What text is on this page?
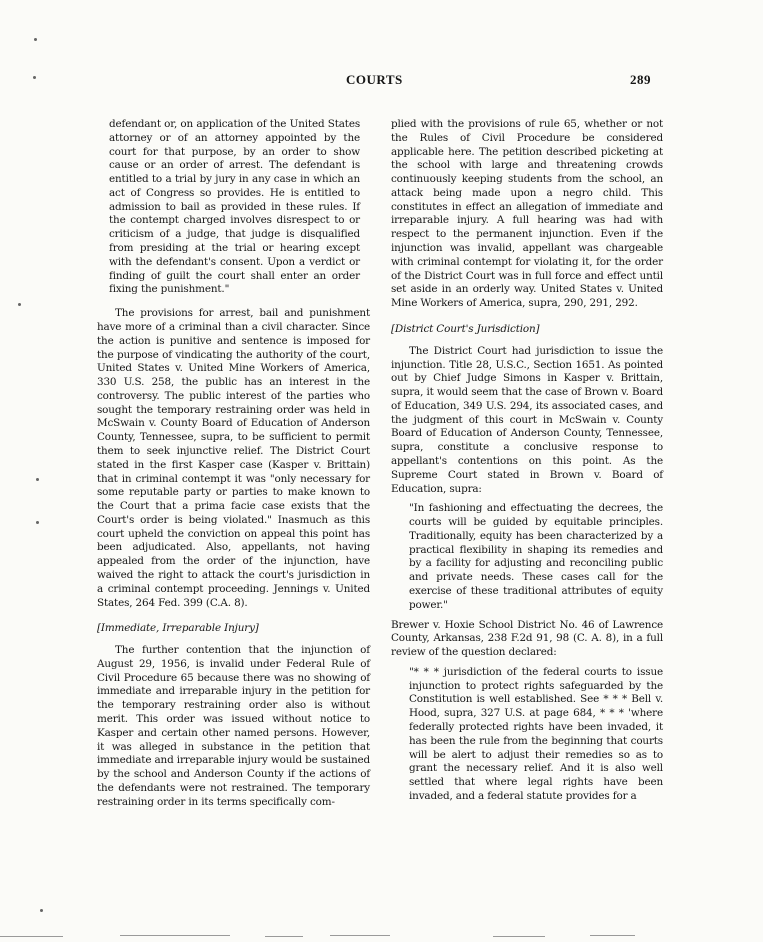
COURTS	289

defendant or, on application of the United States attorney or of an attorney appointed by the court for that purpose, by an order to show cause or an order of arrest. The defendant is entitled to a trial by jury in any case in which an act of Congress so provides. He is entitled to admission to bail as provided in these rules. If the contempt charged involves disrespect to or criticism of a judge, that judge is disqualified from presiding at the trial or hearing except with the defendant's consent. Upon a verdict or finding of guilt the court shall enter an order fixing the punishment."

The provisions for arrest, bail and punishment have more of a criminal than a civil character. Since the action is punitive and sentence is imposed for the purpose of vindicating the authority of the court, United States v. United Mine Workers of America, 330 U.S. 258, the public has an interest in the controversy. The public interest of the parties who sought the temporary restraining order was held in McSwain v. County Board of Education of Anderson County, Tennessee, supra, to be sufficient to permit them to seek injunctive relief. The District Court stated in the first Kasper case (Kasper v. Brittain) that in criminal contempt it was "only necessary for some reputable party or parties to make known to the Court that a prima facie case exists that the Court's order is being violated." Inasmuch as this court upheld the conviction on appeal this point has been adjudicated. Also, appellants, not having appealed from the order of the injunction, have waived the right to attack the court's jurisdiction in a criminal contempt proceeding. Jennings v. United States, 264 Fed. 399 (C.A. 8).

[Immediate, Irreparable Injury]

The further contention that the injunction of August 29, 1956, is invalid under Federal Rule of Civil Procedure 65 because there was no showing of immediate and irreparable injury in the petition for the temporary restraining order also is without merit. This order was issued without notice to Kasper and certain other named persons. However, it was alleged in substance in the petition that immediate and irreparable injury would be sustained by the school and Anderson County if the actions of the defendants were not restrained. The temporary restraining order in its terms specifically com-

plied with the provisions of rule 65, whether or not the Rules of Civil Procedure be considered applicable here. The petition described picketing at the school with large and threatening crowds continuously keeping students from the school, an attack being made upon a negro child. This constitutes in effect an allegation of immediate and irreparable injury. A full hearing was had with respect to the permanent injunction. Even if the injunction was invalid, appellant was chargeable with criminal contempt for violating it, for the order of the District Court was in full force and effect until set aside in an orderly way. United States v. United Mine Workers of America, supra, 290, 291, 292.

[District Court's Jurisdiction]

The District Court had jurisdiction to issue the injunction. Title 28, U.S.C., Section 1651. As pointed out by Chief Judge Simons in Kasper v. Brittain, supra, it would seem that the case of Brown v. Board of Education, 349 U.S. 294, its associated cases, and the judgment of this court in McSwain v. County Board of Education of Anderson County, Tennessee, supra, constitute a conclusive response to appellant's contentions on this point. As the Supreme Court stated in Brown v. Board of Education, supra:

"In fashioning and effectuating the decrees, the courts will be guided by equitable principles. Traditionally, equity has been characterized by a practical flexibility in shaping its remedies and by a facility for adjusting and reconciling public and private needs. These cases call for the exercise of these traditional attributes of equity power."

Brewer v. Hoxie School District No. 46 of Lawrence County, Arkansas, 238 F.2d 91, 98 (C. A. 8), in a full review of the question declared:

"* * * jurisdiction of the federal courts to issue injunction to protect rights safeguarded by the Constitution is well established. See * * * Bell v. Hood, supra, 327 U.S. at page 684, * * * 'where federally protected rights have been invaded, it has been the rule from the beginning that courts will be alert to adjust their remedies so as to grant the necessary relief. And it is also well settled that where legal rights have been invaded, and a federal statute provides for a
